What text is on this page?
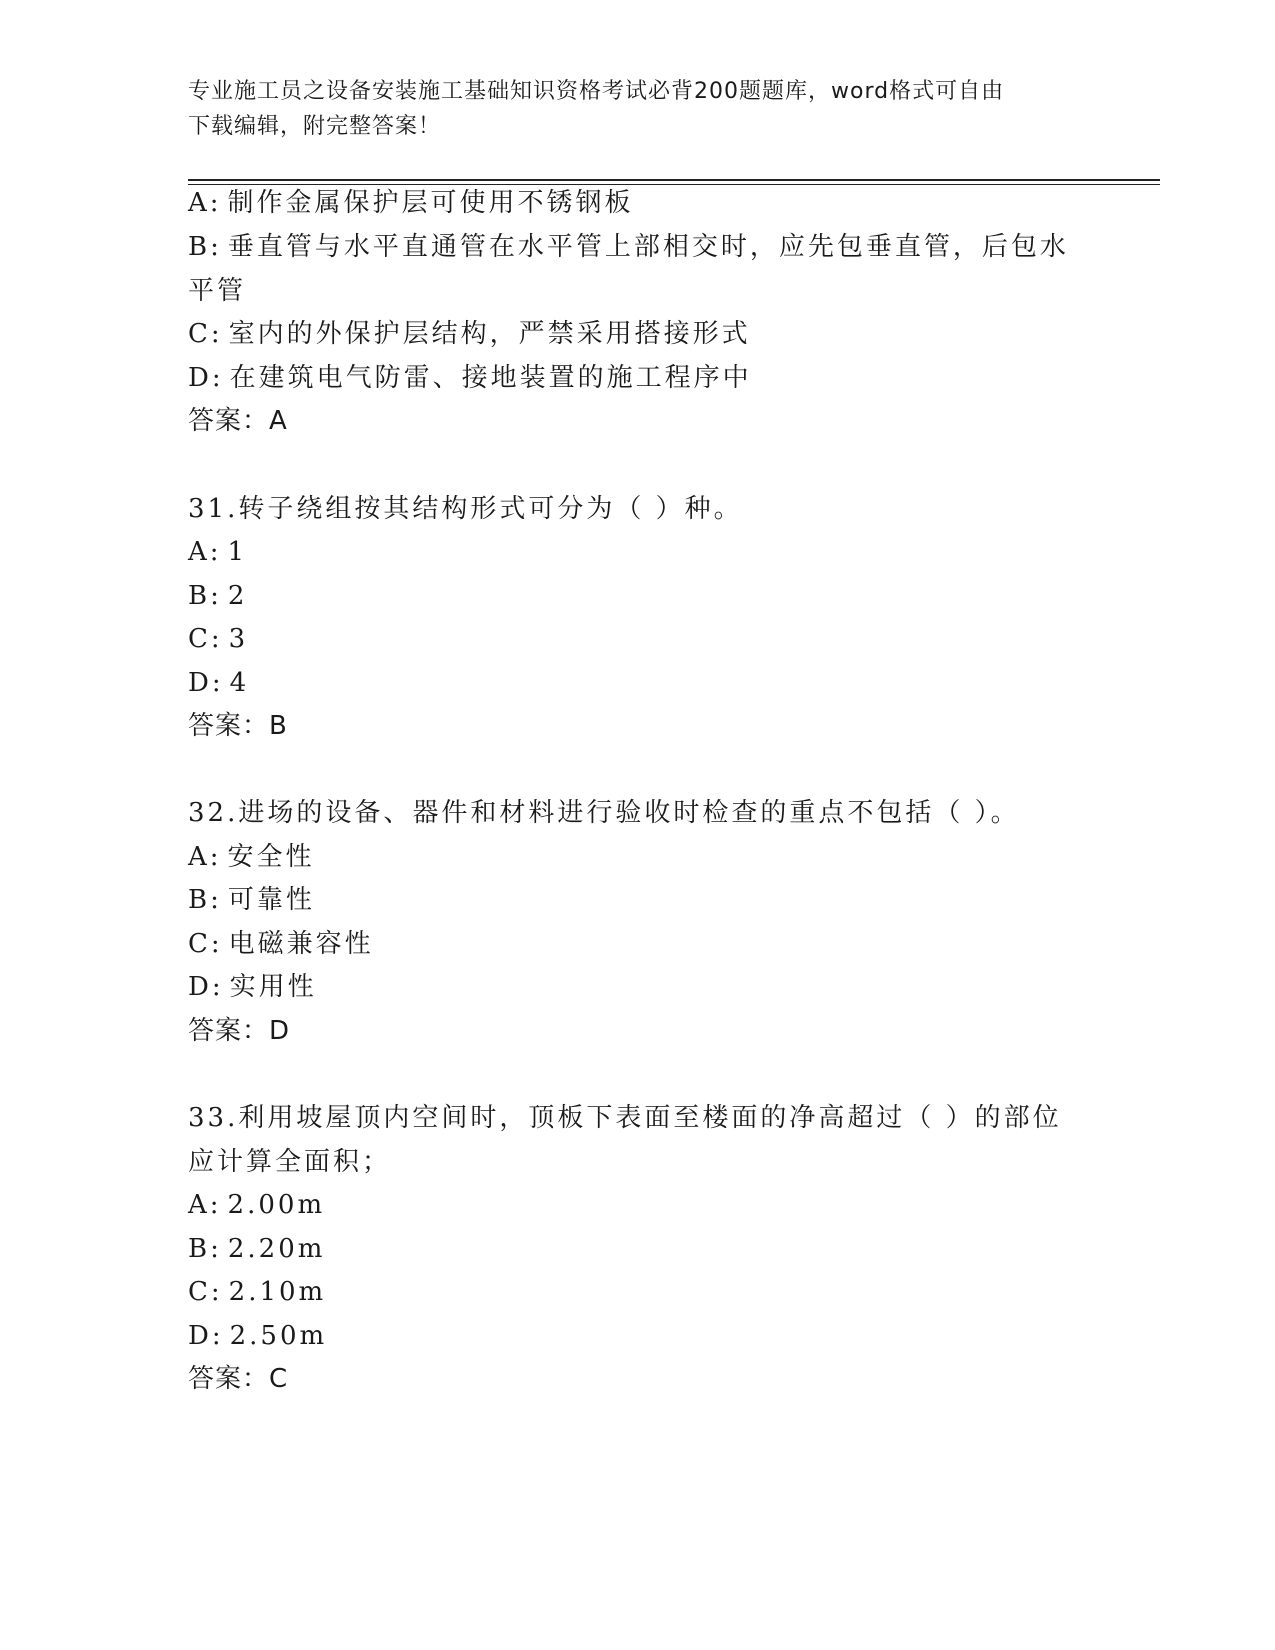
专业施工员之设备安装施工基础知识资格考试必背200题题库，word格式可自由
下载编辑，附完整答案！
A: 制作金属保护层可使用不锈钢板
B: 垂直管与水平直通管在水平管上部相交时，应先包垂直管，后包水
平管
C: 室内的外保护层结构，严禁采用搭接形式
D: 在建筑电气防雷、接地装置的施工程序中
答案：A
31.转子绕组按其结构形式可分为（ ）种。
A: 1
B: 2
C: 3
D: 4
答案：B
32.进场的设备、器件和材料进行验收时检查的重点不包括（ ）。
A: 安全性
B: 可靠性
C: 电磁兼容性
D: 实用性
答案：D
33.利用坡屋顶内空间时，顶板下表面至楼面的净高超过（ ）的部位
应计算全面积；
A: 2.00m
B: 2.20m
C: 2.10m
D: 2.50m
答案：C
